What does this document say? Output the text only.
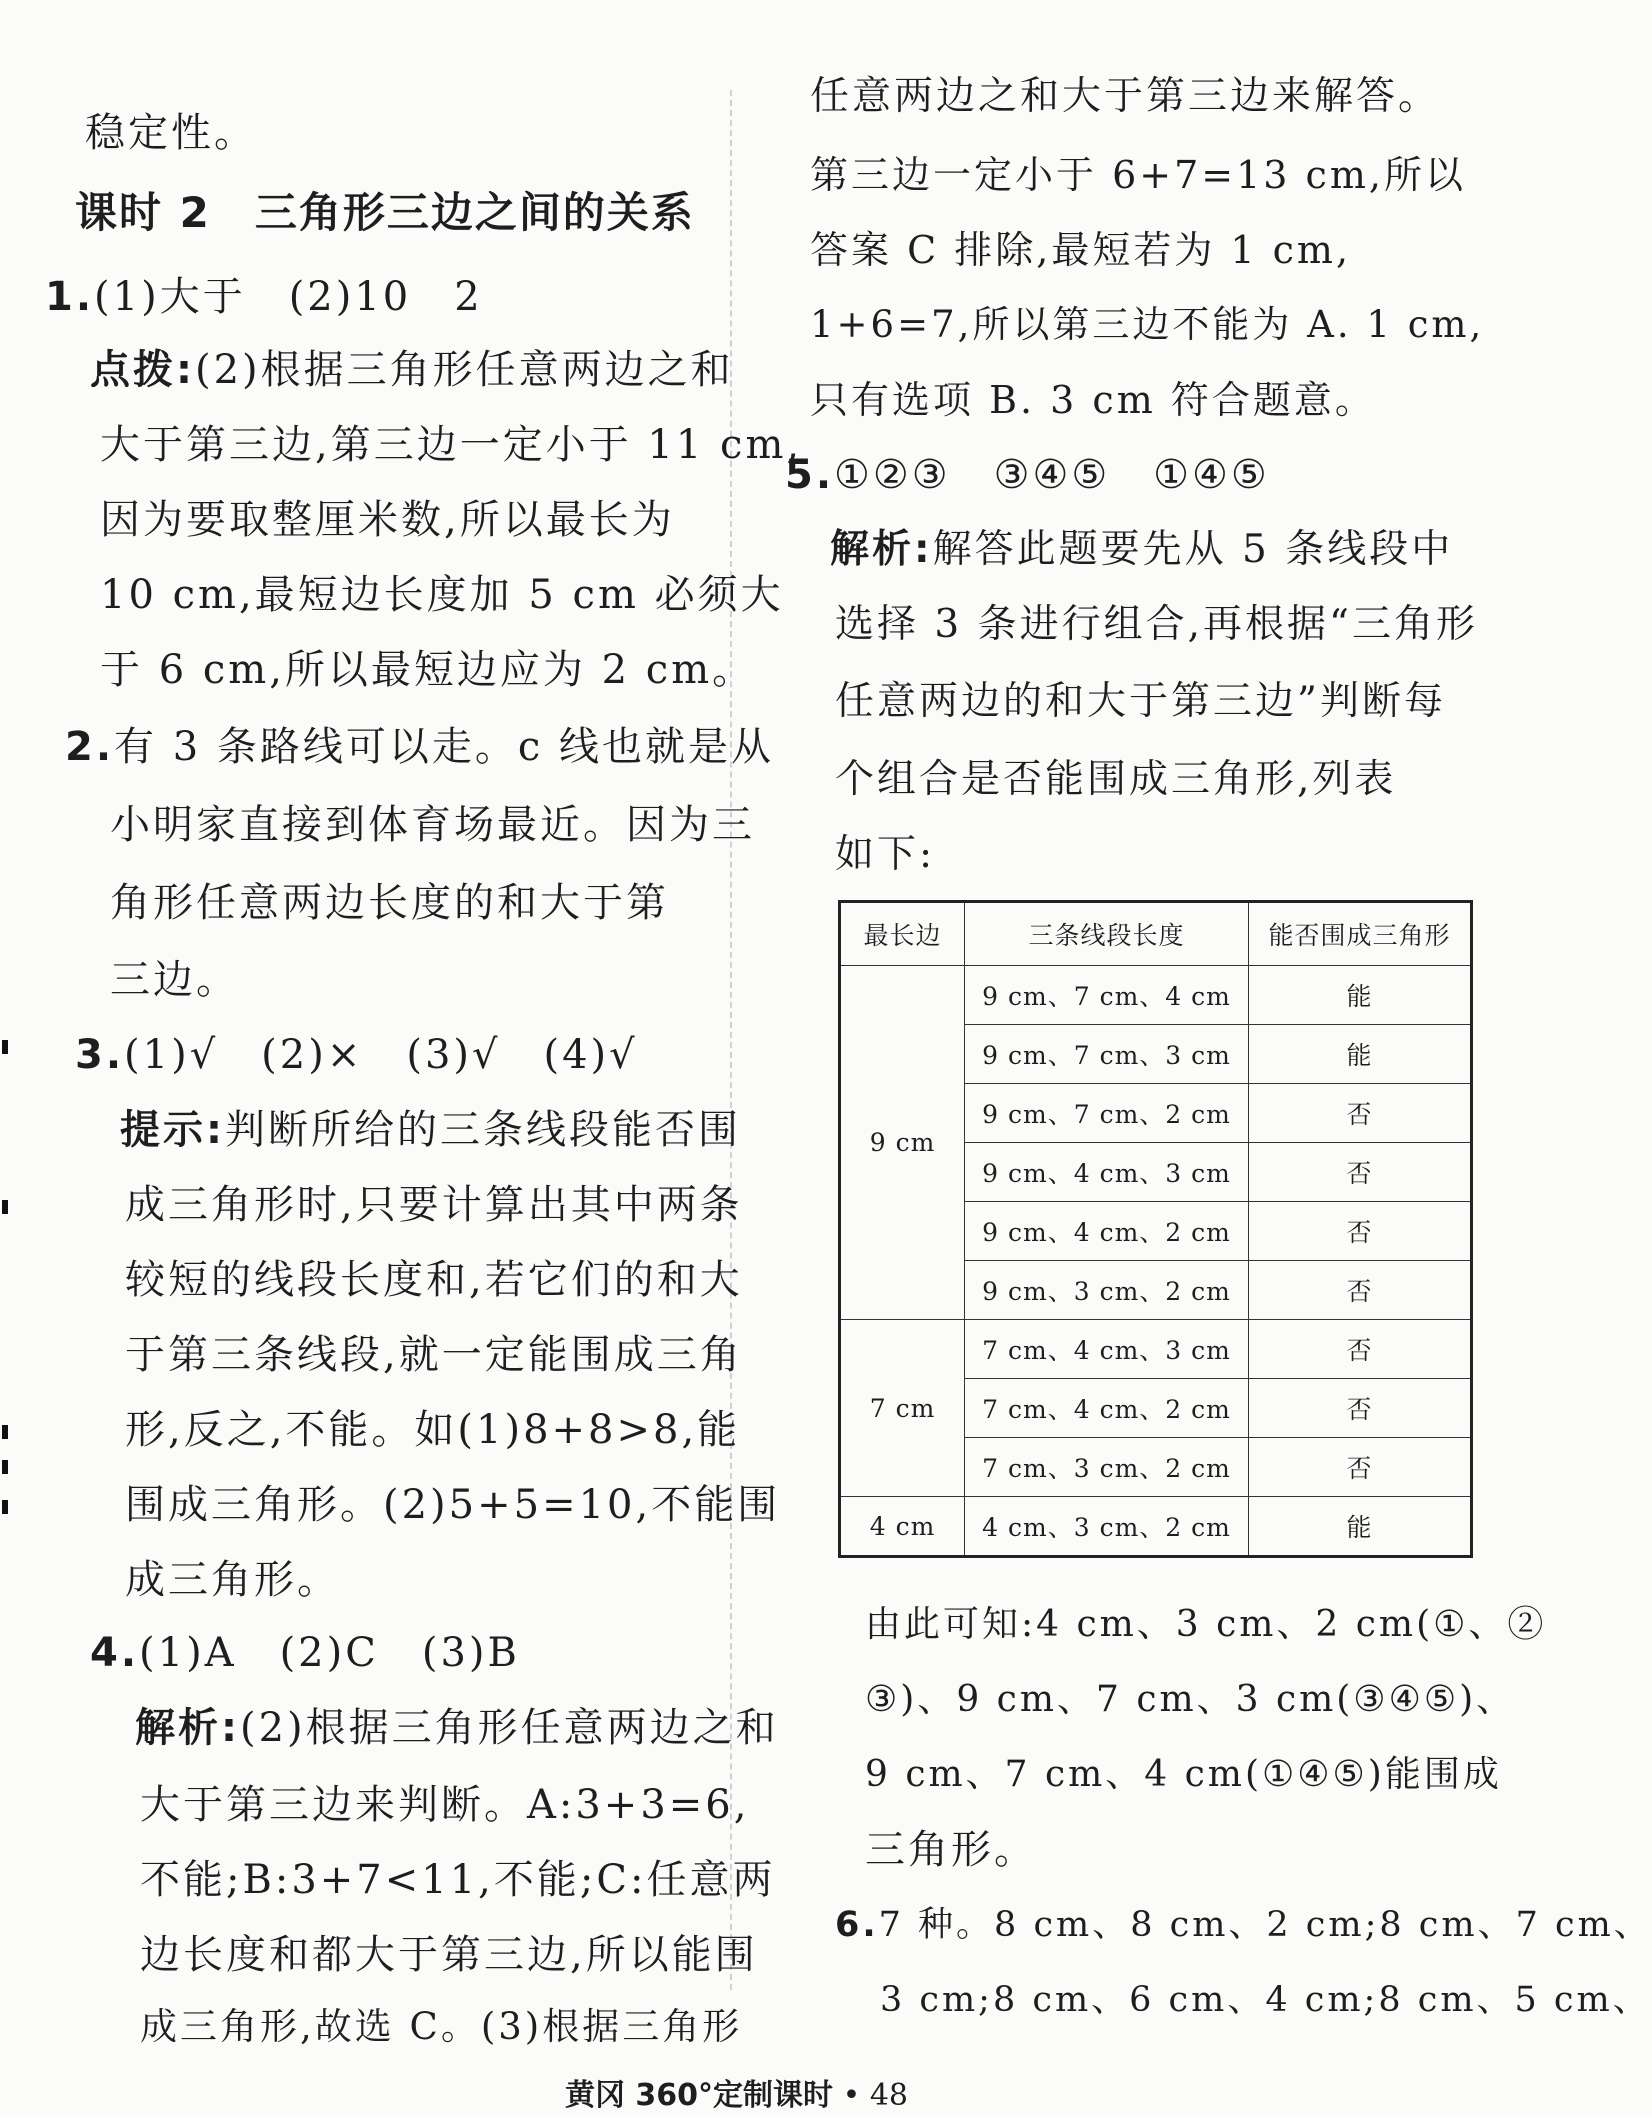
稳定性。
课时 2　三角形三边之间的关系
1.(1)大于　(2)10　2
点拨:(2)根据三角形任意两边之和
大于第三边,第三边一定小于 11 cm,
因为要取整厘米数,所以最长为
10 cm,最短边长度加 5 cm 必须大
于 6 cm,所以最短边应为 2 cm。
2.有 3 条路线可以走。c 线也就是从
小明家直接到体育场最近。因为三
角形任意两边长度的和大于第
三边。
3.(1)√　(2)×　(3)√　(4)√
提示:判断所给的三条线段能否围
成三角形时,只要计算出其中两条
较短的线段长度和,若它们的和大
于第三条线段,就一定能围成三角
形,反之,不能。如(1)8+8>8,能
围成三角形。(2)5+5=10,不能围
成三角形。
4.(1)A　(2)C　(3)B
解析:(2)根据三角形任意两边之和
大于第三边来判断。A:3+3=6,
不能;B:3+7<11,不能;C:任意两
边长度和都大于第三边,所以能围
成三角形,故选 C。(3)根据三角形
任意两边之和大于第三边来解答。
第三边一定小于 6+7=13 cm,所以
答案 C 排除,最短若为 1 cm,
1+6=7,所以第三边不能为 A. 1 cm,
只有选项 B. 3 cm 符合题意。
5.①②③　③④⑤　①④⑤
解析:解答此题要先从 5 条线段中
选择 3 条进行组合,再根据“三角形
任意两边的和大于第三边”判断每
个组合是否能围成三角形,列表
如下:
由此可知:4 cm、3 cm、2 cm(①、②
③)、9 cm、7 cm、3 cm(③④⑤)、
9 cm、7 cm、4 cm(①④⑤)能围成
三角形。
6.7 种。8 cm、8 cm、2 cm;8 cm、7 cm、
3 cm;8 cm、6 cm、4 cm;8 cm、5 cm、
最长边	三条线段长度	能否围成三角形
9 cm	9 cm、7 cm、4 cm	能
	9 cm、7 cm、3 cm	能
	9 cm、7 cm、2 cm	否
	9 cm、4 cm、3 cm	否
	9 cm、4 cm、2 cm	否
	9 cm、3 cm、2 cm	否
7 cm	7 cm、4 cm、3 cm	否
	7 cm、4 cm、2 cm	否
	7 cm、3 cm、2 cm	否
4 cm	4 cm、3 cm、2 cm	能
黄冈 360°定制课时 • 48
